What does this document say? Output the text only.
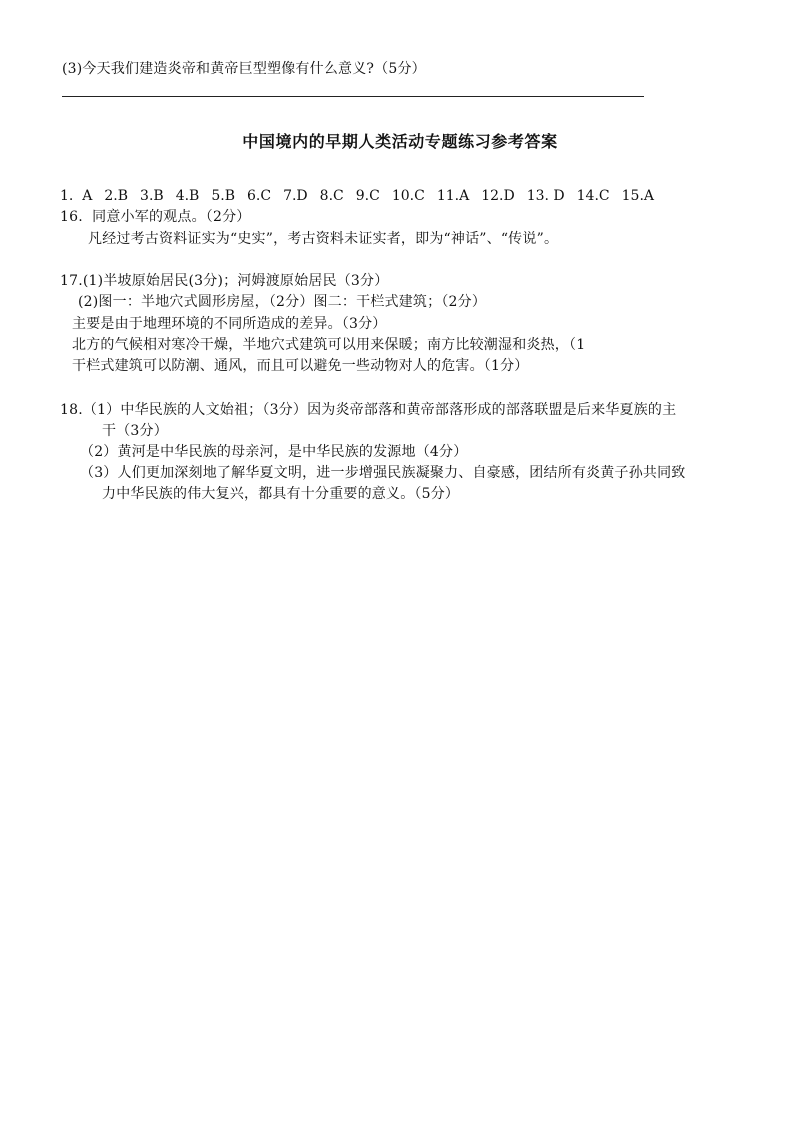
(3)今天我们建造炎帝和黄帝巨型塑像有什么意义?（5分）
中国境内的早期人类活动专题练习参考答案
1.  A 2.B 3.B 4.B 5.B 6.C 7.D 8.C 9.C 10.C 11.A 12.D 13. D 14.C 15.A
16.  同意小军的观点。（2分）
凡经过考古资料证实为“史实”，考古资料未证实者，即为“神话”、“传说”。
17.(1)半坡原始居民(3分)；河姆渡原始居民（3分）
(2)图一：半地穴式圆形房屋，（2分）图二：干栏式建筑；（2分）
主要是由于地理环境的不同所造成的差异。（3分）
北方的气候相对寒冷干燥，半地穴式建筑可以用来保暖；南方比较潮湿和炎热，（1
干栏式建筑可以防潮、通风，而且可以避免一些动物对人的危害。（1分）
18.（1）中华民族的人文始祖；（3分）因为炎帝部落和黄帝部落形成的部落联盟是后来华夏族的主
干（3分）
（2）黄河是中华民族的母亲河，是中华民族的发源地（4分）
（3）人们更加深刻地了解华夏文明，进一步增强民族凝聚力、自豪感，团结所有炎黄子孙共同致
力中华民族的伟大复兴，都具有十分重要的意义。（5分）
